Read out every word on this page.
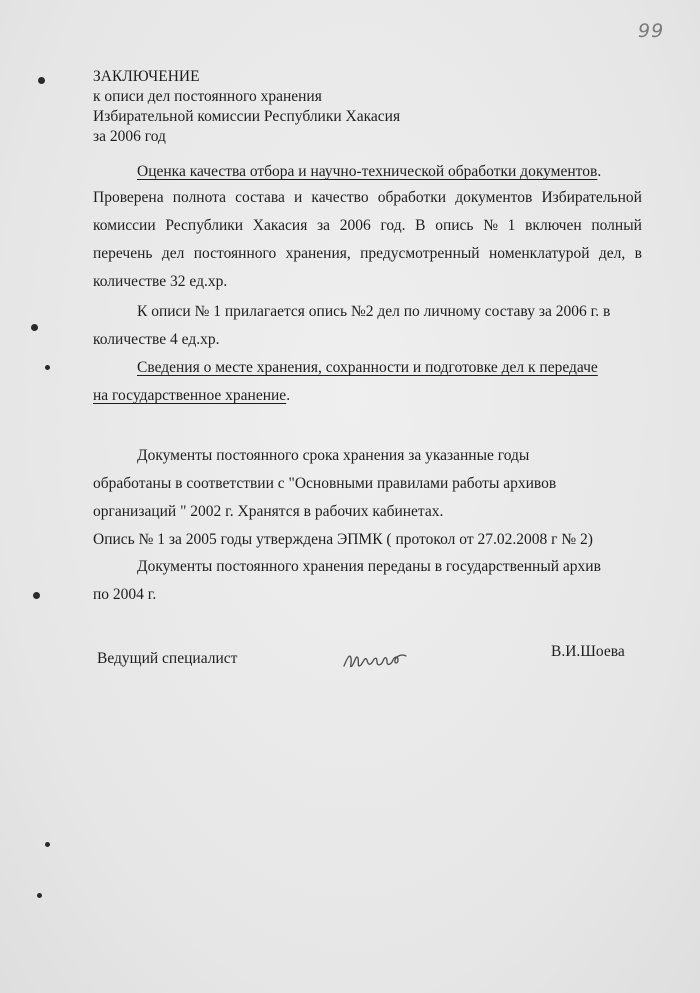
99

ЗАКЛЮЧЕНИЕ

к описи дел постоянного хранения

Избирательной комиссии Республики Хакасия

за 2006 год

Оценка качества отбора и научно-технической обработки документов.

Проверена полнота состава и качество обработки документов Избирательной
комиссии Республики Хакасия за 2006 год. В опись № 1 включен полный
перечень дел постоянного хранения, предусмотренный номенклатурой дел, в
количестве 32 ед.хр.
К описи № 1 прилагается опись №2 дел по личному составу за 2006 г. в
количестве 4 ед.хр.
Сведения о месте хранения, сохранности и подготовке дел к передаче
на государственное хранение.
Документы постоянного срока хранения за указанные годы
обработаны в соответствии с "Основными правилами работы архивов
организаций " 2002 г. Хранятся в рабочих кабинетах.

Опись № 1 за 2005 годы утверждена ЭПМК ( протокол от 27.02.2008 г № 2)

Документы постоянного хранения переданы в государственный архив
по 2004 г.

Ведущий специалист	В.И.Шоева
